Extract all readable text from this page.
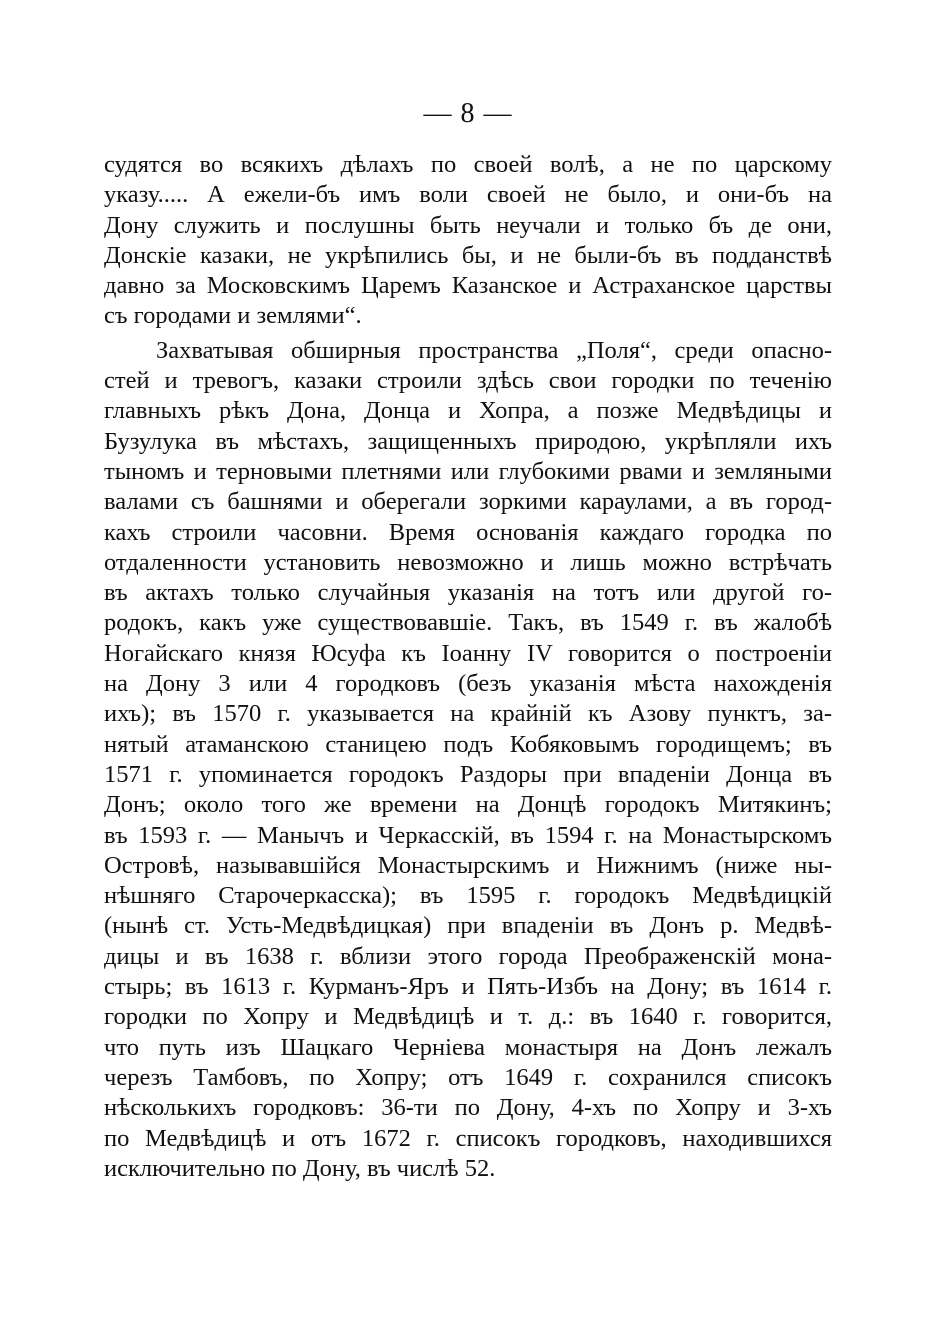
— 8 —
судятся во всякихъ дѣлахъ по своей волѣ, а не по царскому
указу..... А ежели-бъ имъ воли своей не было, и они-бъ на
Дону служить и послушны быть неучали и только бъ де они,
Донскіе казаки, не укрѣпились бы, и не были-бъ въ подданствѣ
давно за Московскимъ Царемъ Казанское и Астраханское царствы
съ городами и землями“.
Захватывая обширныя пространства „Поля“, среди опасно-
стей и тревогъ, казаки строили здѣсь свои городки по теченію
главныхъ рѣкъ Дона, Донца и Хопра, а позже Медвѣдицы и
Бузулука въ мѣстахъ, защищенныхъ природою, укрѣпляли ихъ
тыномъ и терновыми плетнями или глубокими рвами и земляными
валами съ башнями и оберегали зоркими караулами, а въ город-
кахъ строили часовни. Время основанія каждаго городка по
отдаленности установить невозможно и лишь можно встрѣчать
въ актахъ только случайныя указанія на тотъ или другой го-
родокъ, какъ уже существовавшіе. Такъ, въ 1549 г. въ жалобѣ
Ногайскаго князя Юсуфа къ Іоанну IV говорится о построеніи
на Дону 3 или 4 городковъ (безъ указанія мѣста нахожденія
ихъ); въ 1570 г. указывается на крайній къ Азову пунктъ, за-
нятый атаманскою станицею подъ Кобяковымъ городищемъ; въ
1571 г. упоминается городокъ Раздоры при впаденіи Донца въ
Донъ; около того же времени на Донцѣ городокъ Митякинъ;
въ 1593 г. — Манычъ и Черкасскій, въ 1594 г. на Монастырскомъ
Островѣ, называвшійся Монастырскимъ и Нижнимъ (ниже ны-
нѣшняго Старочеркасска); въ 1595 г. городокъ Медвѣдицкій
(нынѣ ст. Усть-Медвѣдицкая) при впаденіи въ Донъ р. Медвѣ-
дицы и въ 1638 г. вблизи этого города Преображенскій мона-
стырь; въ 1613 г. Курманъ-Яръ и Пять-Избъ на Дону; въ 1614 г.
городки по Хопру и Медвѣдицѣ и т. д.: въ 1640 г. говорится,
что путь изъ Шацкаго Черніева монастыря на Донъ лежалъ
черезъ Тамбовъ, по Хопру; отъ 1649 г. сохранился списокъ
нѣсколькихъ городковъ: 36-ти по Дону, 4-хъ по Хопру и 3-хъ
по Медвѣдицѣ и отъ 1672 г. списокъ городковъ, находившихся
исключительно по Дону, въ числѣ 52.
